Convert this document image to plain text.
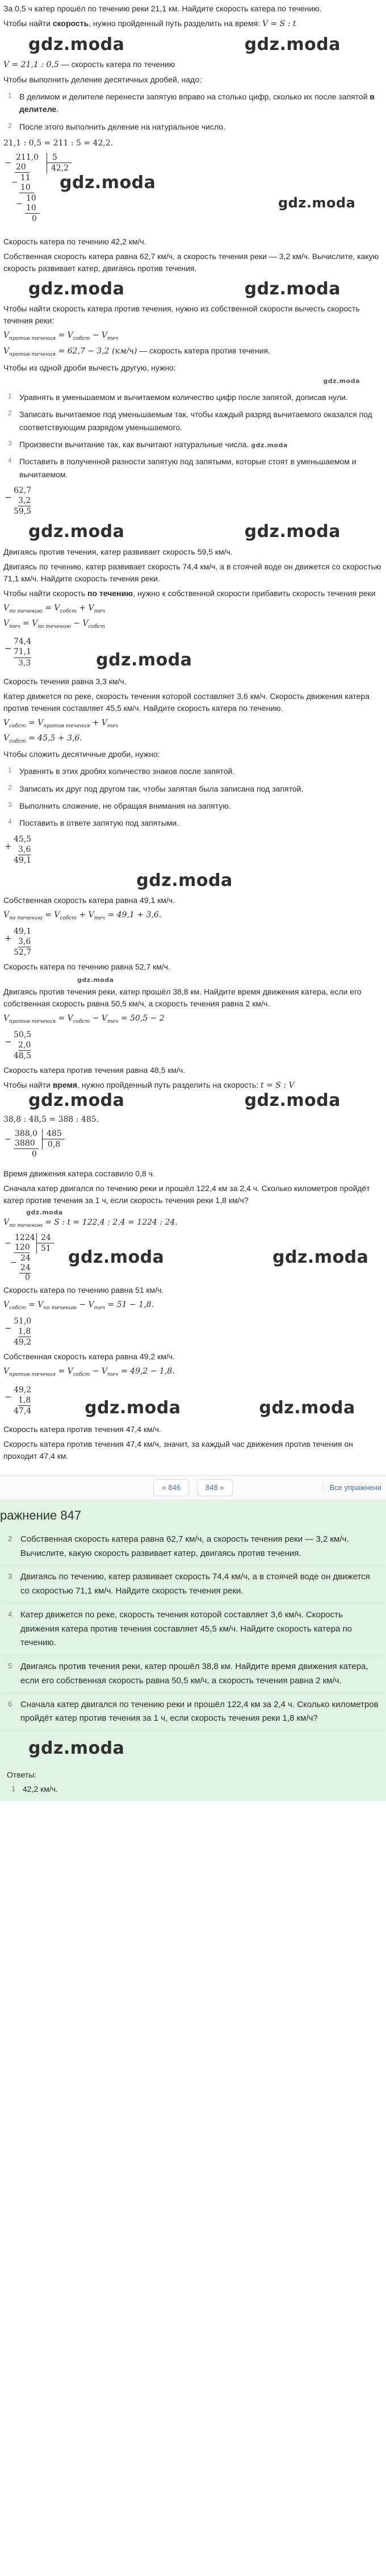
За 0,5 ч катер прошёл по течению реки 21,1 км. Найдите скорость катера по течению.

Чтобы найти скорость, нужно пройденный путь разделить на время: V = S : t

gdz.moda	gdz.moda

V = 21,1 : 0,5 — скорость катера по течению

Чтобы выполнить деление десятичных дробей, надо:

1 В делимом и делителе перенести запятую вправо на столько цифр, сколько их после запятой в делителе.
2 После этого выполнить деление на натуральное число.

21,1 : 0,5 = 211 : 5 = 42,2.

−
211,0
20
− 11
10
−
10
10
0
5
42,2
gdz.moda
gdz.moda

Скорость катера по течению 42,2 км/ч.

Собственная скорость катера равна 62,7 км/ч, а скорость течения реки — 3,2 км/ч. Вычислите, какую скорость развивает катер, двигаясь против течения.

gdz.moda	gdz.moda

Чтобы найти скорость катера против течения, нужно из собственной скорости вычесть скорость течения реки:

$V_{против течения} = V_{собст} - V_{теч}$

$V_{против течения} = 62,7 - 3,2$ (км/ч) — скорость катера против течения.

Чтобы из одной дроби вычесть другую, нужно:

gdz.moda
1 Уравнять в уменьшаемом и вычитаемом количество цифр после запятой, дописав нули.
2 Записать вычитаемое под уменьшаемым так, чтобы каждый разряд вычитаемого оказался под соответствующим разрядом уменьшаемого.
3 Произвести вычитание так, как вычитают натуральные числа. gdz.moda
4 Поставить в полученной разности запятую под запятыми, которые стоят в уменьшаемом и вычитаемом.
−
62,7
3,2
59,5
gdz.moda	gdz.moda

Двигаясь против течения, катер развивает скорость 59,5 км/ч.

Двигаясь по течению, катер развивает скорость 74,4 км/ч, а в стоячей воде он движется со скоростью 71,1 км/ч. Найдите скорость течения реки.

Чтобы найти скорость по течению, нужно к собственной скорости прибавить скорость течения реки

$V_{по течению} = V_{собст} + V_{теч}$

$V_{теч} = V_{по течению} - V_{собст}$

−
74,4
71,1
3,3	gdz.moda

Скорость течения равна 3,3 км/ч.

Катер движется по реке, скорость течения которой составляет 3,6 км/ч. Скорость движения катера против течения составляет 45,5 км/ч. Найдите скорость катера по течению.

$V_{собст} = V_{против течения} + V_{теч}$

$V_{собст} = 45,5 + 3,6$.

Чтобы сложить десятичные дроби, нужно:

1 Уравнять в этих дробях количество знаков после запятой.
2 Записать их друг под другом так, чтобы запятая была записана под запятой.
3 Выполнить сложение, не обращая внимания на запятую.
4 Поставить в ответе запятую под запятыми.
+
45,5
3,6
49,1
gdz.moda

Собственная скорость катера равна 49,1 км/ч.

$V_{по течению} = V_{собст} + V_{теч} = 49,1 + 3,6$.

+
49,1
3,6
52,7

Скорость катера по течению равна 52,7 км/ч.

gdz.moda

Двигаясь против течения реки, катер прошёл 38,8 км. Найдите время движения катера, если его собственная скорость равна 50,5 км/ч, а скорость течения равна 2 км/ч.

$V_{против течения} = V_{собст} - V_{теч} = 50,5 - 2$

−
50,5
2,0
48,5

Скорость катера против течения равна 48,5 км/ч.

Чтобы найти время, нужно пройденный путь разделить на скорость: t = S : V

gdz.moda	gdz.moda

38,8 : 48,5 = 388 : 485.

−
388,0
3880
0
485
0,8

Время движения катера составило 0,8 ч.

Сначала катер двигался по течению реки и прошёл 122,4 км за 2,4 ч. Сколько километров пройдёт катер против течения за 1 ч, если скорость течения реки 1,8 км/ч?

gdz.moda

$V_{по течению} = S$ : t = 122,4 : 2,4 = 1224 : 24.

−
1224
120
− 24
24
0
24
51 gdz.moda	gdz.moda

Скорость катера по течению равна 51 км/ч.

$V_{собст} = V_{по течению} - V_{теч} = 51 - 1,8$.

−
51,0
1,8
49,2

Собственная скорость катера равна 49,2 км/ч.

$V_{против течения} = V_{собст} - V_{теч} = 49,2 - 1,8$.

−
49,2
1,8
47,4	gdz.moda	gdz.moda

Скорость катера против течения 47,4 км/ч.

Скорость катера против течения 47,4 км/ч, значит, за каждый час движения против течения он проходит 47,4 км.

« 846	848 »	Все упражнени
ражнение 847
2 Собственная скорость катера равна 62,7 км/ч, а скорость течения реки — 3,2 км/ч. Вычислите, какую скорость развивает катер, двигаясь против течения.
3 Двигаясь по течению, катер развивает скорость 74,4 км/ч, а в стоячей воде он движется со скоростью 71,1 км/ч. Найдите скорость течения реки.
4 Катер движется по реке, скорость течения которой составляет 3,6 км/ч. Скорость движения катера против течения составляет 45,5 км/ч. Найдите скорость катера по течению.
5 Двигаясь против течения реки, катер прошёл 38,8 км. Найдите время движения катера, если его собственная скорость равна 50,5 км/ч, а скорость течения равна 2 км/ч.
6 Сначала катер двигался по течению реки и прошёл 122,4 км за 2,4 ч. Сколько километров пройдёт катер против течения за 1 ч, если скорость течения реки 1,8 км/ч?
gdz.moda

Ответы:

1 42,2 км/ч.
